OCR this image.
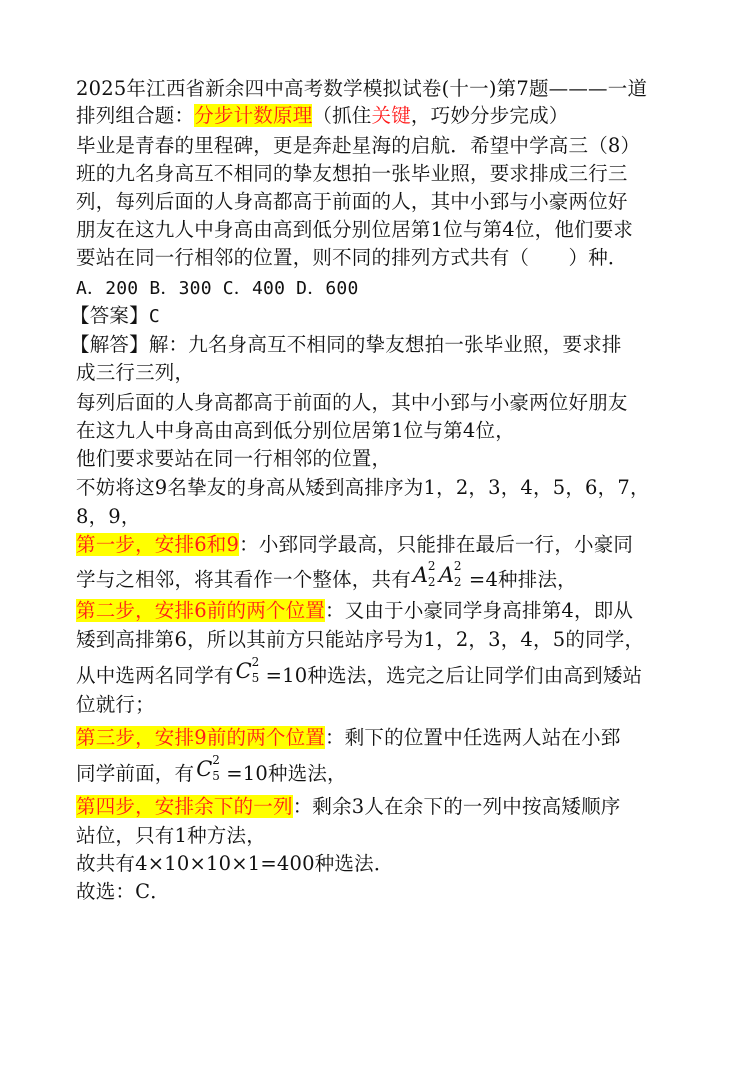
2025年江西省新余四中高考数学模拟试卷(十一)第7题———一道

排列组合题：分步计数原理（抓住关键，巧妙分步完成）

毕业是青春的里程碑，更是奔赴星海的启航．希望中学高三（8）

班的九名身高互不相同的挚友想拍一张毕业照，要求排成三行三

列，每列后面的人身高都高于前面的人，其中小郅与小豪两位好

朋友在这九人中身高由高到低分别位居第1位与第4位，他们要求

要站在同一行相邻的位置，则不同的排列方式共有（　　）种．

A．200 B．300 C．400 D．600

【答案】C

【解答】解：九名身高互不相同的挚友想拍一张毕业照，要求排

成三行三列，

每列后面的人身高都高于前面的人，其中小郅与小豪两位好朋友

在这九人中身高由高到低分别位居第1位与第4位，

他们要求要站在同一行相邻的位置，

不妨将这9名挚友的身高从矮到高排序为1，2，3，4，5，6，7，

8，9，

第一步，安排6和9：小郅同学最高，只能排在最后一行，小豪同

学与之相邻，将其看作一个整体，共有 A 2
2 A 2
2 =4种排法，

第二步，安排6前的两个位置：又由于小豪同学身高排第4，即从

矮到高排第6，所以其前方只能站序号为1，2，3，4，5的同学，

从中选两名同学有 C 2
5 =10种选法，选完之后让同学们由高到矮站

位就行；

第三步，安排9前的两个位置：剩下的位置中任选两人站在小郅

同学前面，有 C 2
5 =10种选法，

第四步，安排余下的一列：剩余3人在余下的一列中按高矮顺序

站位，只有1种方法，

故共有4×10×10×1=400种选法．

故选：C．
